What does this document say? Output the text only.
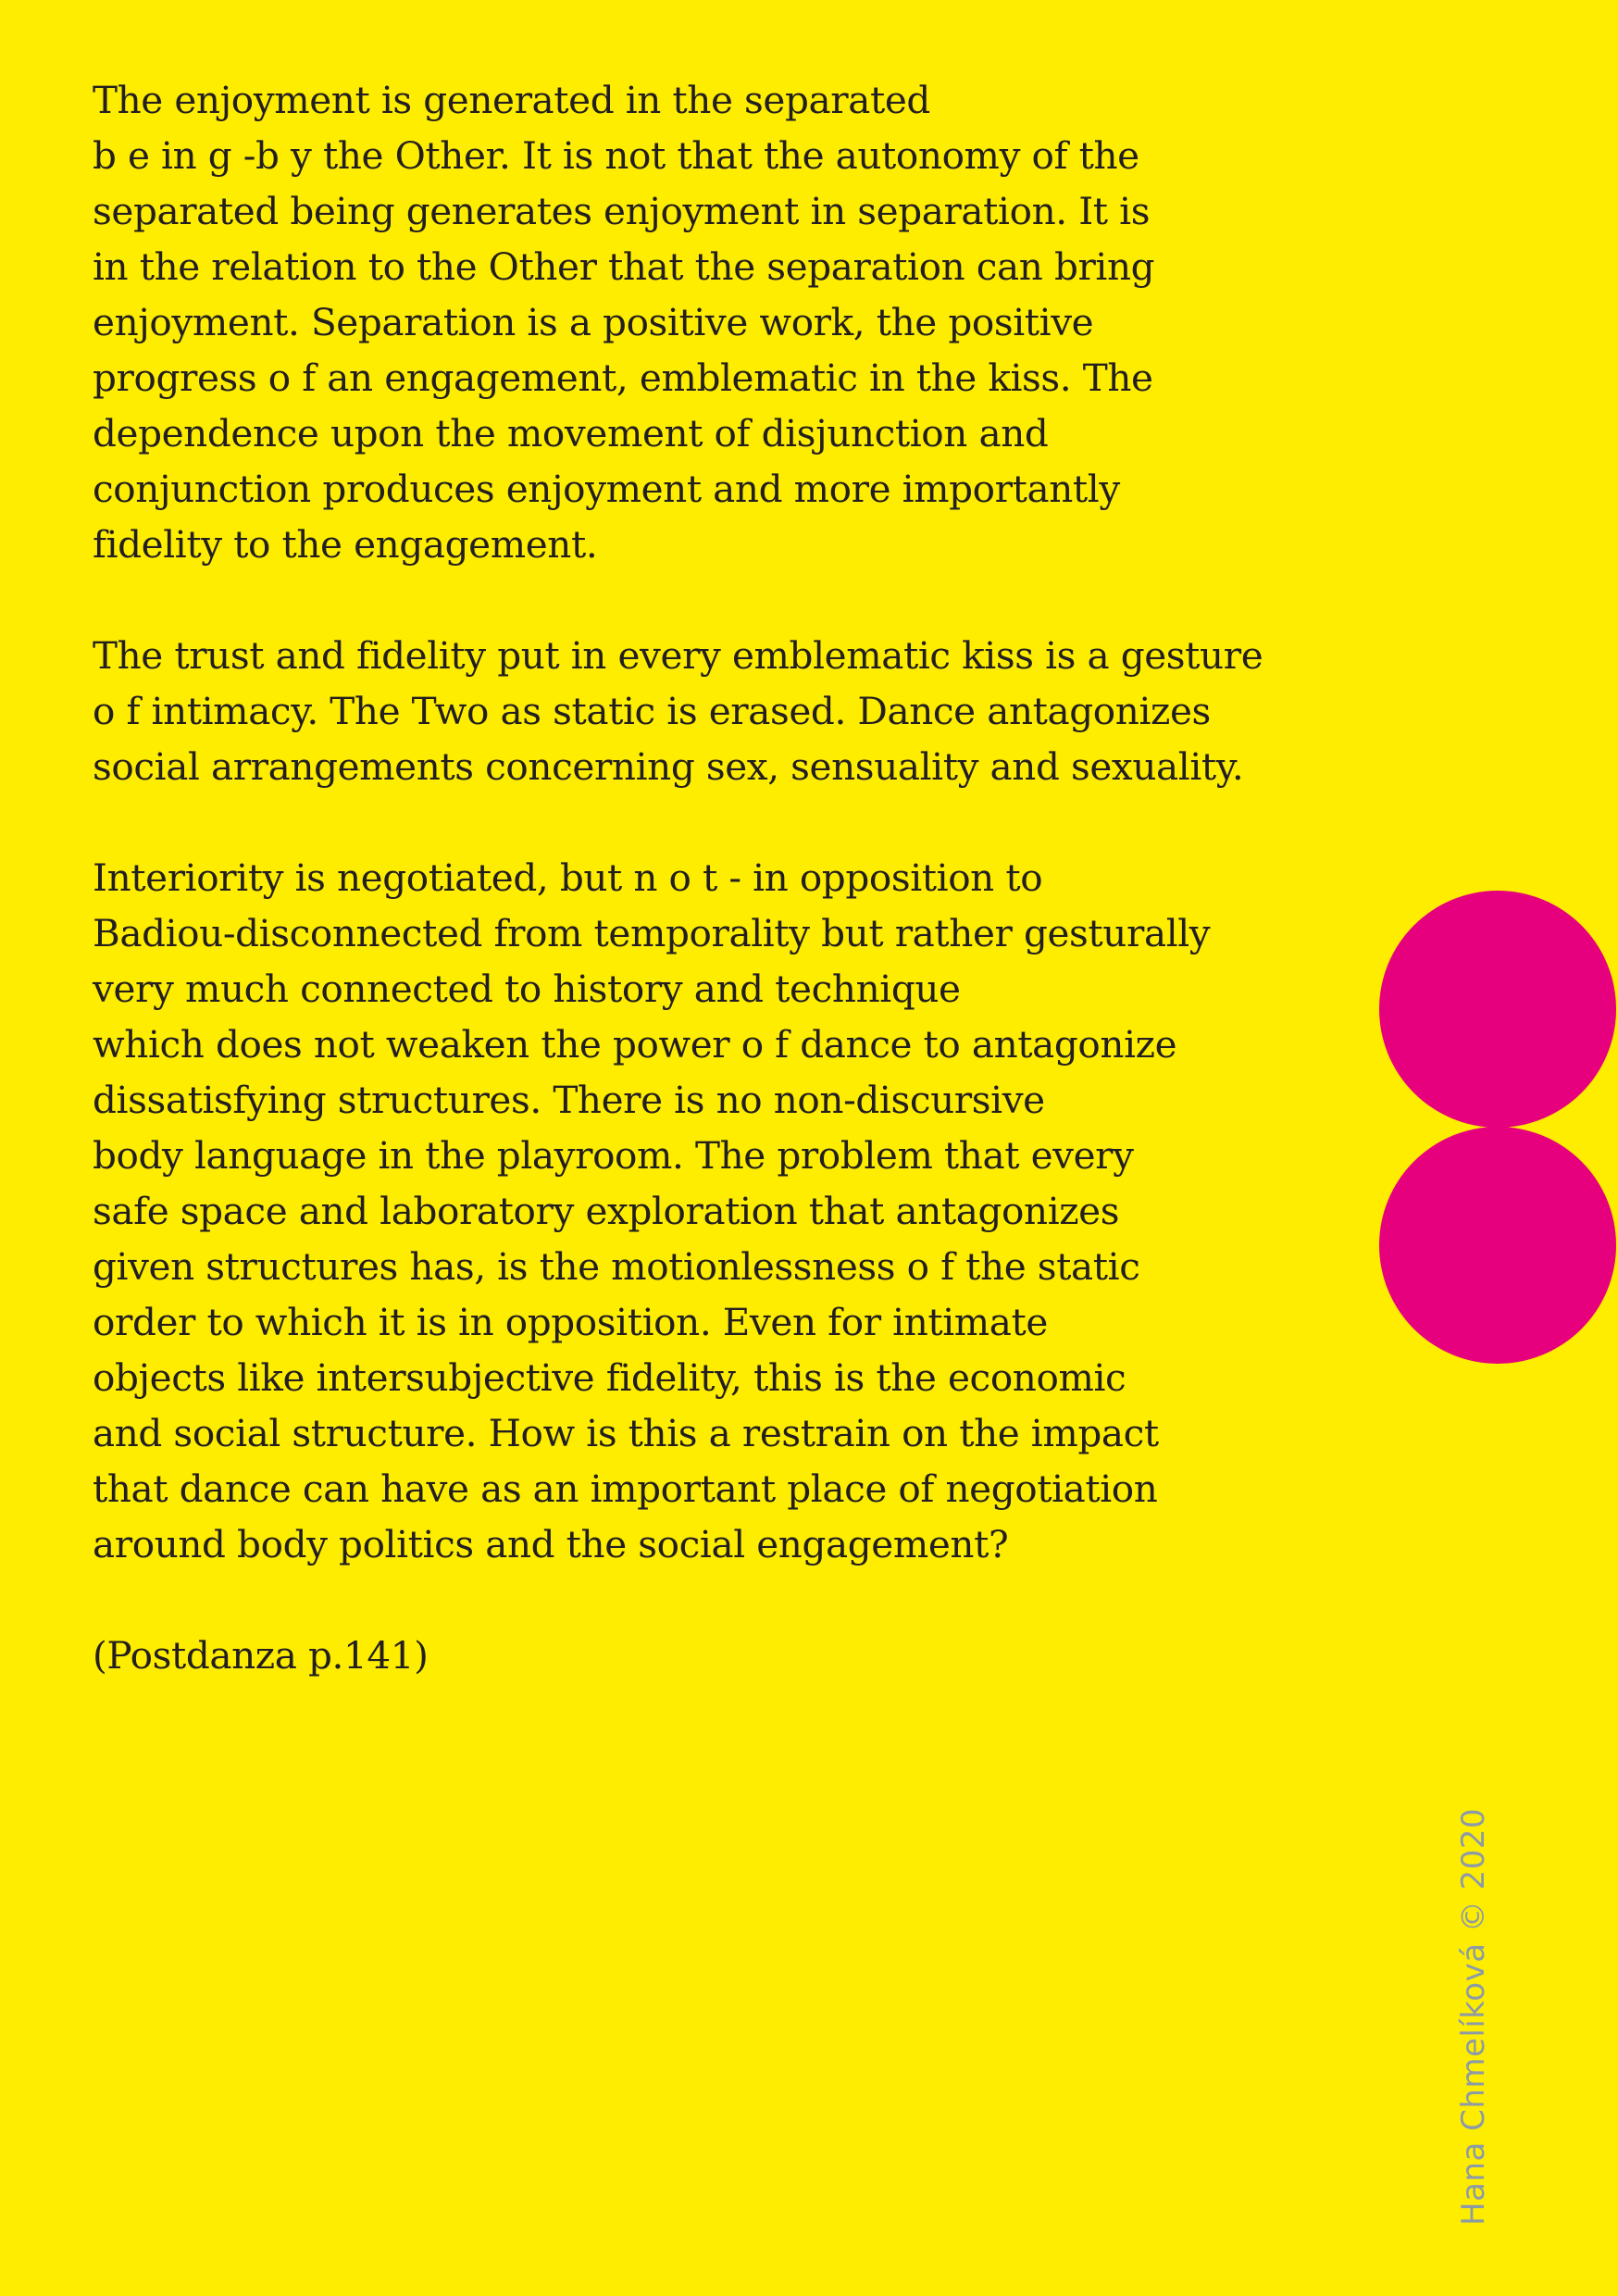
The enjoyment is generated in the separated
b e in g -b y the Other. It is not that the autonomy of the
separated being generates enjoyment in separation. It is
in the relation to the Other that the separation can bring
enjoyment. Separation is a positive work, the positive
progress o f an engagement, emblematic in the kiss. The
dependence upon the movement of disjunction and
conjunction produces enjoyment and more importantly
fidelity to the engagement.
The trust and fidelity put in every emblematic kiss is a gesture
o f intimacy. The Two as static is erased. Dance antagonizes
social arrangements concerning sex, sensuality and sexuality.
Interiority is negotiated, but n o t - in opposition to
Badiou-disconnected from temporality but rather gesturally
very much connected to history and technique
which does not weaken the power o f dance to antagonize
dissatisfying structures. There is no non-discursive
body language in the playroom. The problem that every
safe space and laboratory exploration that antagonizes
given structures has, is the motionlessness o f the static
order to which it is in opposition. Even for intimate
objects like intersubjective fidelity, this is the economic
and social structure. How is this a restrain on the impact
that dance can have as an important place of negotiation
around body politics and the social engagement?

(Postdanza p.141)

Hana Chmelíková © 2020
